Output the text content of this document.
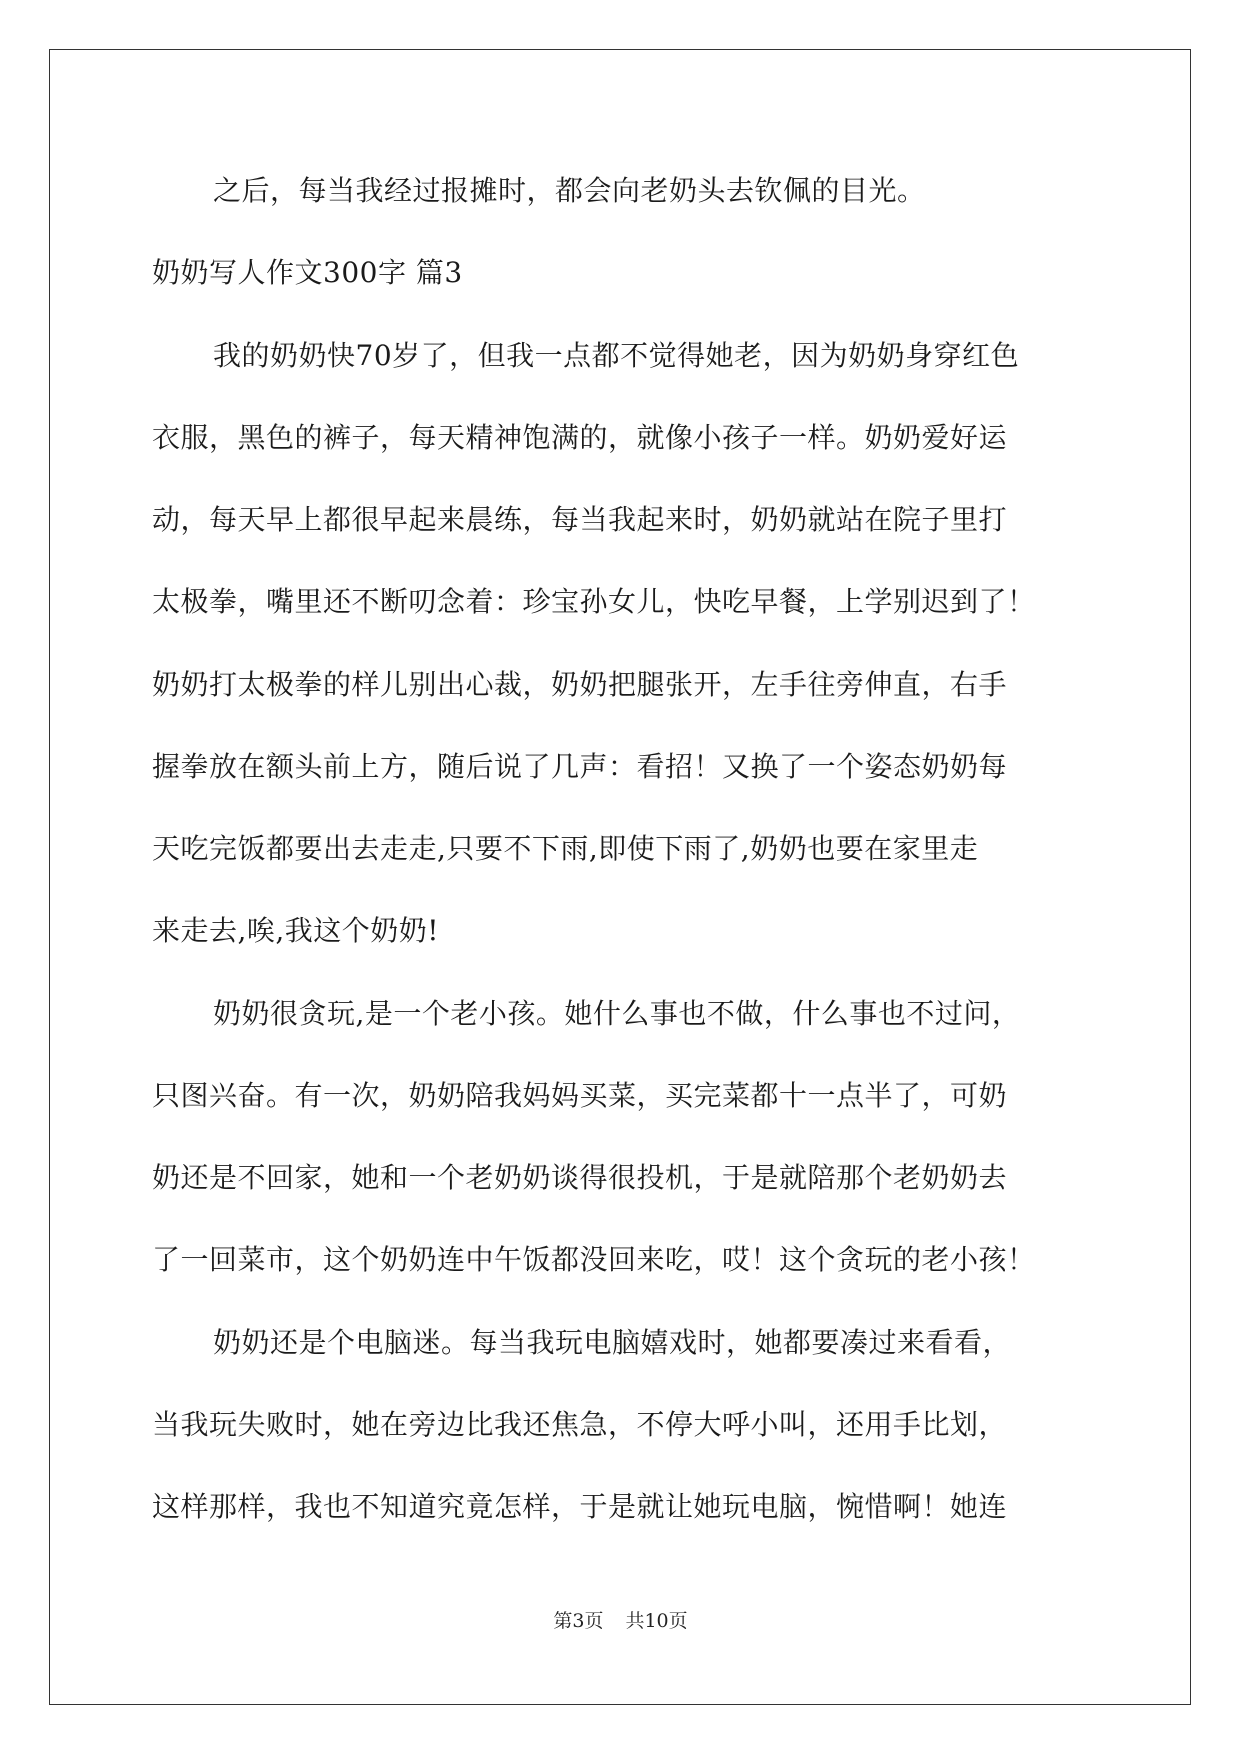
之后，每当我经过报摊时，都会向老奶头去钦佩的目光。
奶奶写人作文300字 篇3
我的奶奶快70岁了，但我一点都不觉得她老，因为奶奶身穿红色
衣服，黑色的裤子，每天精神饱满的，就像小孩子一样。奶奶爱好运
动，每天早上都很早起来晨练，每当我起来时，奶奶就站在院子里打
太极拳，嘴里还不断叨念着：珍宝孙女儿，快吃早餐，上学别迟到了！
奶奶打太极拳的样儿别出心裁，奶奶把腿张开，左手往旁伸直，右手
握拳放在额头前上方，随后说了几声：看招！又换了一个姿态奶奶每
天吃完饭都要出去走走,只要不下雨,即使下雨了,奶奶也要在家里走
来走去,唉,我这个奶奶!
奶奶很贪玩,是一个老小孩。她什么事也不做，什么事也不过问，
只图兴奋。有一次，奶奶陪我妈妈买菜，买完菜都十一点半了，可奶
奶还是不回家，她和一个老奶奶谈得很投机，于是就陪那个老奶奶去
了一回菜市，这个奶奶连中午饭都没回来吃，哎！这个贪玩的老小孩！
奶奶还是个电脑迷。每当我玩电脑嬉戏时，她都要凑过来看看，
当我玩失败时，她在旁边比我还焦急，不停大呼小叫，还用手比划，
这样那样，我也不知道究竟怎样，于是就让她玩电脑，惋惜啊！她连
第3页 共10页
